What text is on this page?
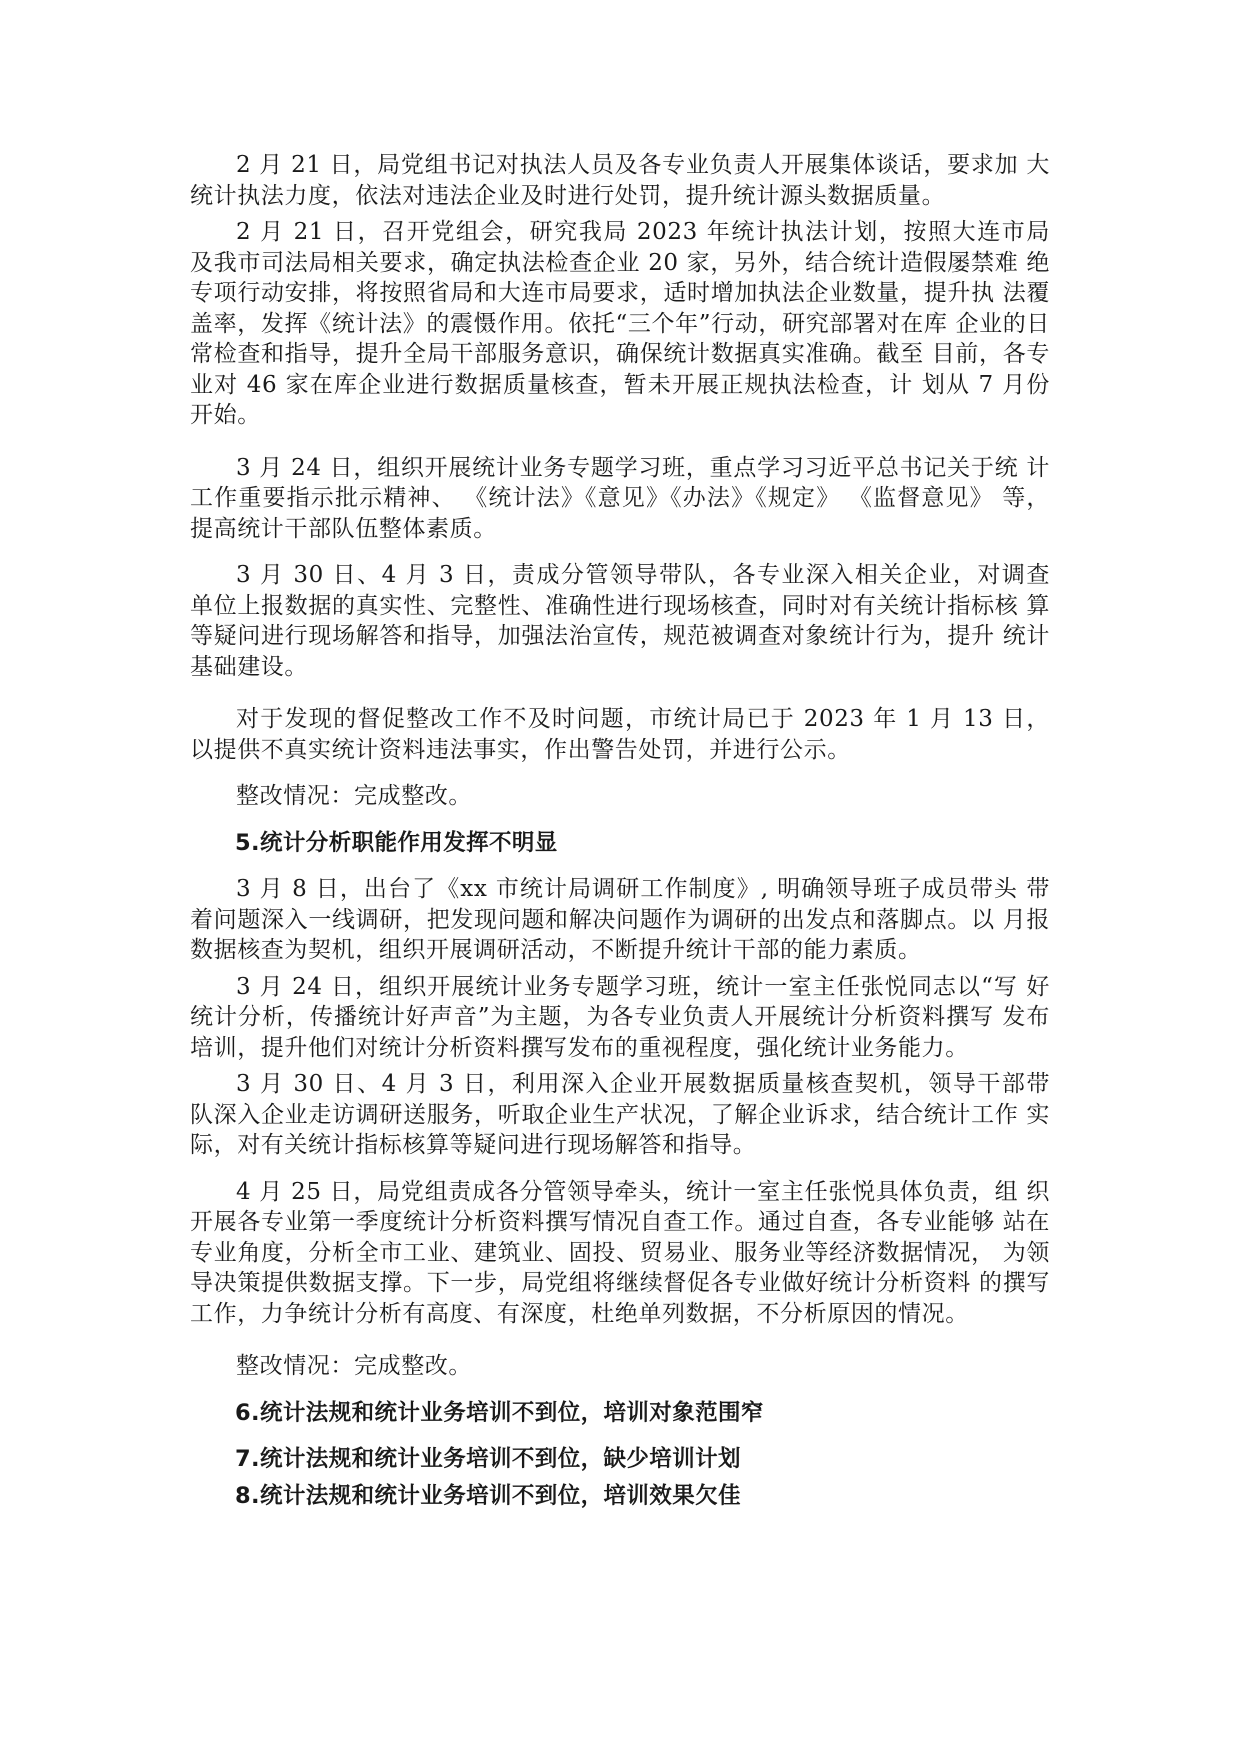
2 月 21 日，局党组书记对执法人员及各专业负责人开展集体谈话，要求加 大统计执法力度，依法对违法企业及时进行处罚，提升统计源头数据质量。

2 月 21 日，召开党组会，研究我局 2023 年统计执法计划，按照大连市局 及我市司法局相关要求，确定执法检查企业 20 家，另外，结合统计造假屡禁难 绝专项行动安排，将按照省局和大连市局要求，适时增加执法企业数量，提升执 法覆盖率，发挥《统计法》的震慑作用。依托“三个年”行动，研究部署对在库 企业的日常检查和指导，提升全局干部服务意识，确保统计数据真实准确。截至 目前，各专业对 46 家在库企业进行数据质量核查，暂未开展正规执法检查，计 划从 7 月份开始。

3 月 24 日，组织开展统计业务专题学习班，重点学习习近平总书记关于统 计工作重要指示批示精神、 《统计法》《意见》《办法》《规定》 《监督意见》 等，提高统计干部队伍整体素质。

3 月 30 日、4 月 3 日，责成分管领导带队，各专业深入相关企业，对调查 单位上报数据的真实性、完整性、准确性进行现场核查，同时对有关统计指标核 算等疑问进行现场解答和指导，加强法治宣传，规范被调查对象统计行为，提升 统计基础建设。

对于发现的督促整改工作不及时问题，市统计局已于 2023 年 1 月 13 日， 以提供不真实统计资料违法事实，作出警告处罚，并进行公示。

整改情况：完成整改。

5.统计分析职能作用发挥不明显

3 月 8 日，出台了《xx 市统计局调研工作制度》, 明确领导班子成员带头 带着问题深入一线调研，把发现问题和解决问题作为调研的出发点和落脚点。以 月报数据核查为契机，组织开展调研活动，不断提升统计干部的能力素质。

3 月 24 日，组织开展统计业务专题学习班，统计一室主任张悦同志以“写 好统计分析，传播统计好声音”为主题，为各专业负责人开展统计分析资料撰写 发布培训，提升他们对统计分析资料撰写发布的重视程度，强化统计业务能力。

3 月 30 日、4 月 3 日，利用深入企业开展数据质量核查契机，领导干部带 队深入企业走访调研送服务，听取企业生产状况，了解企业诉求，结合统计工作 实际，对有关统计指标核算等疑问进行现场解答和指导。

4 月 25 日，局党组责成各分管领导牵头，统计一室主任张悦具体负责，组 织开展各专业第一季度统计分析资料撰写情况自查工作。通过自查，各专业能够 站在专业角度，分析全市工业、建筑业、固投、贸易业、服务业等经济数据情况， 为领导决策提供数据支撑。下一步，局党组将继续督促各专业做好统计分析资料 的撰写工作，力争统计分析有高度、有深度，杜绝单列数据，不分析原因的情况。

整改情况：完成整改。

6.统计法规和统计业务培训不到位，培训对象范围窄

7.统计法规和统计业务培训不到位，缺少培训计划

8.统计法规和统计业务培训不到位，培训效果欠佳
